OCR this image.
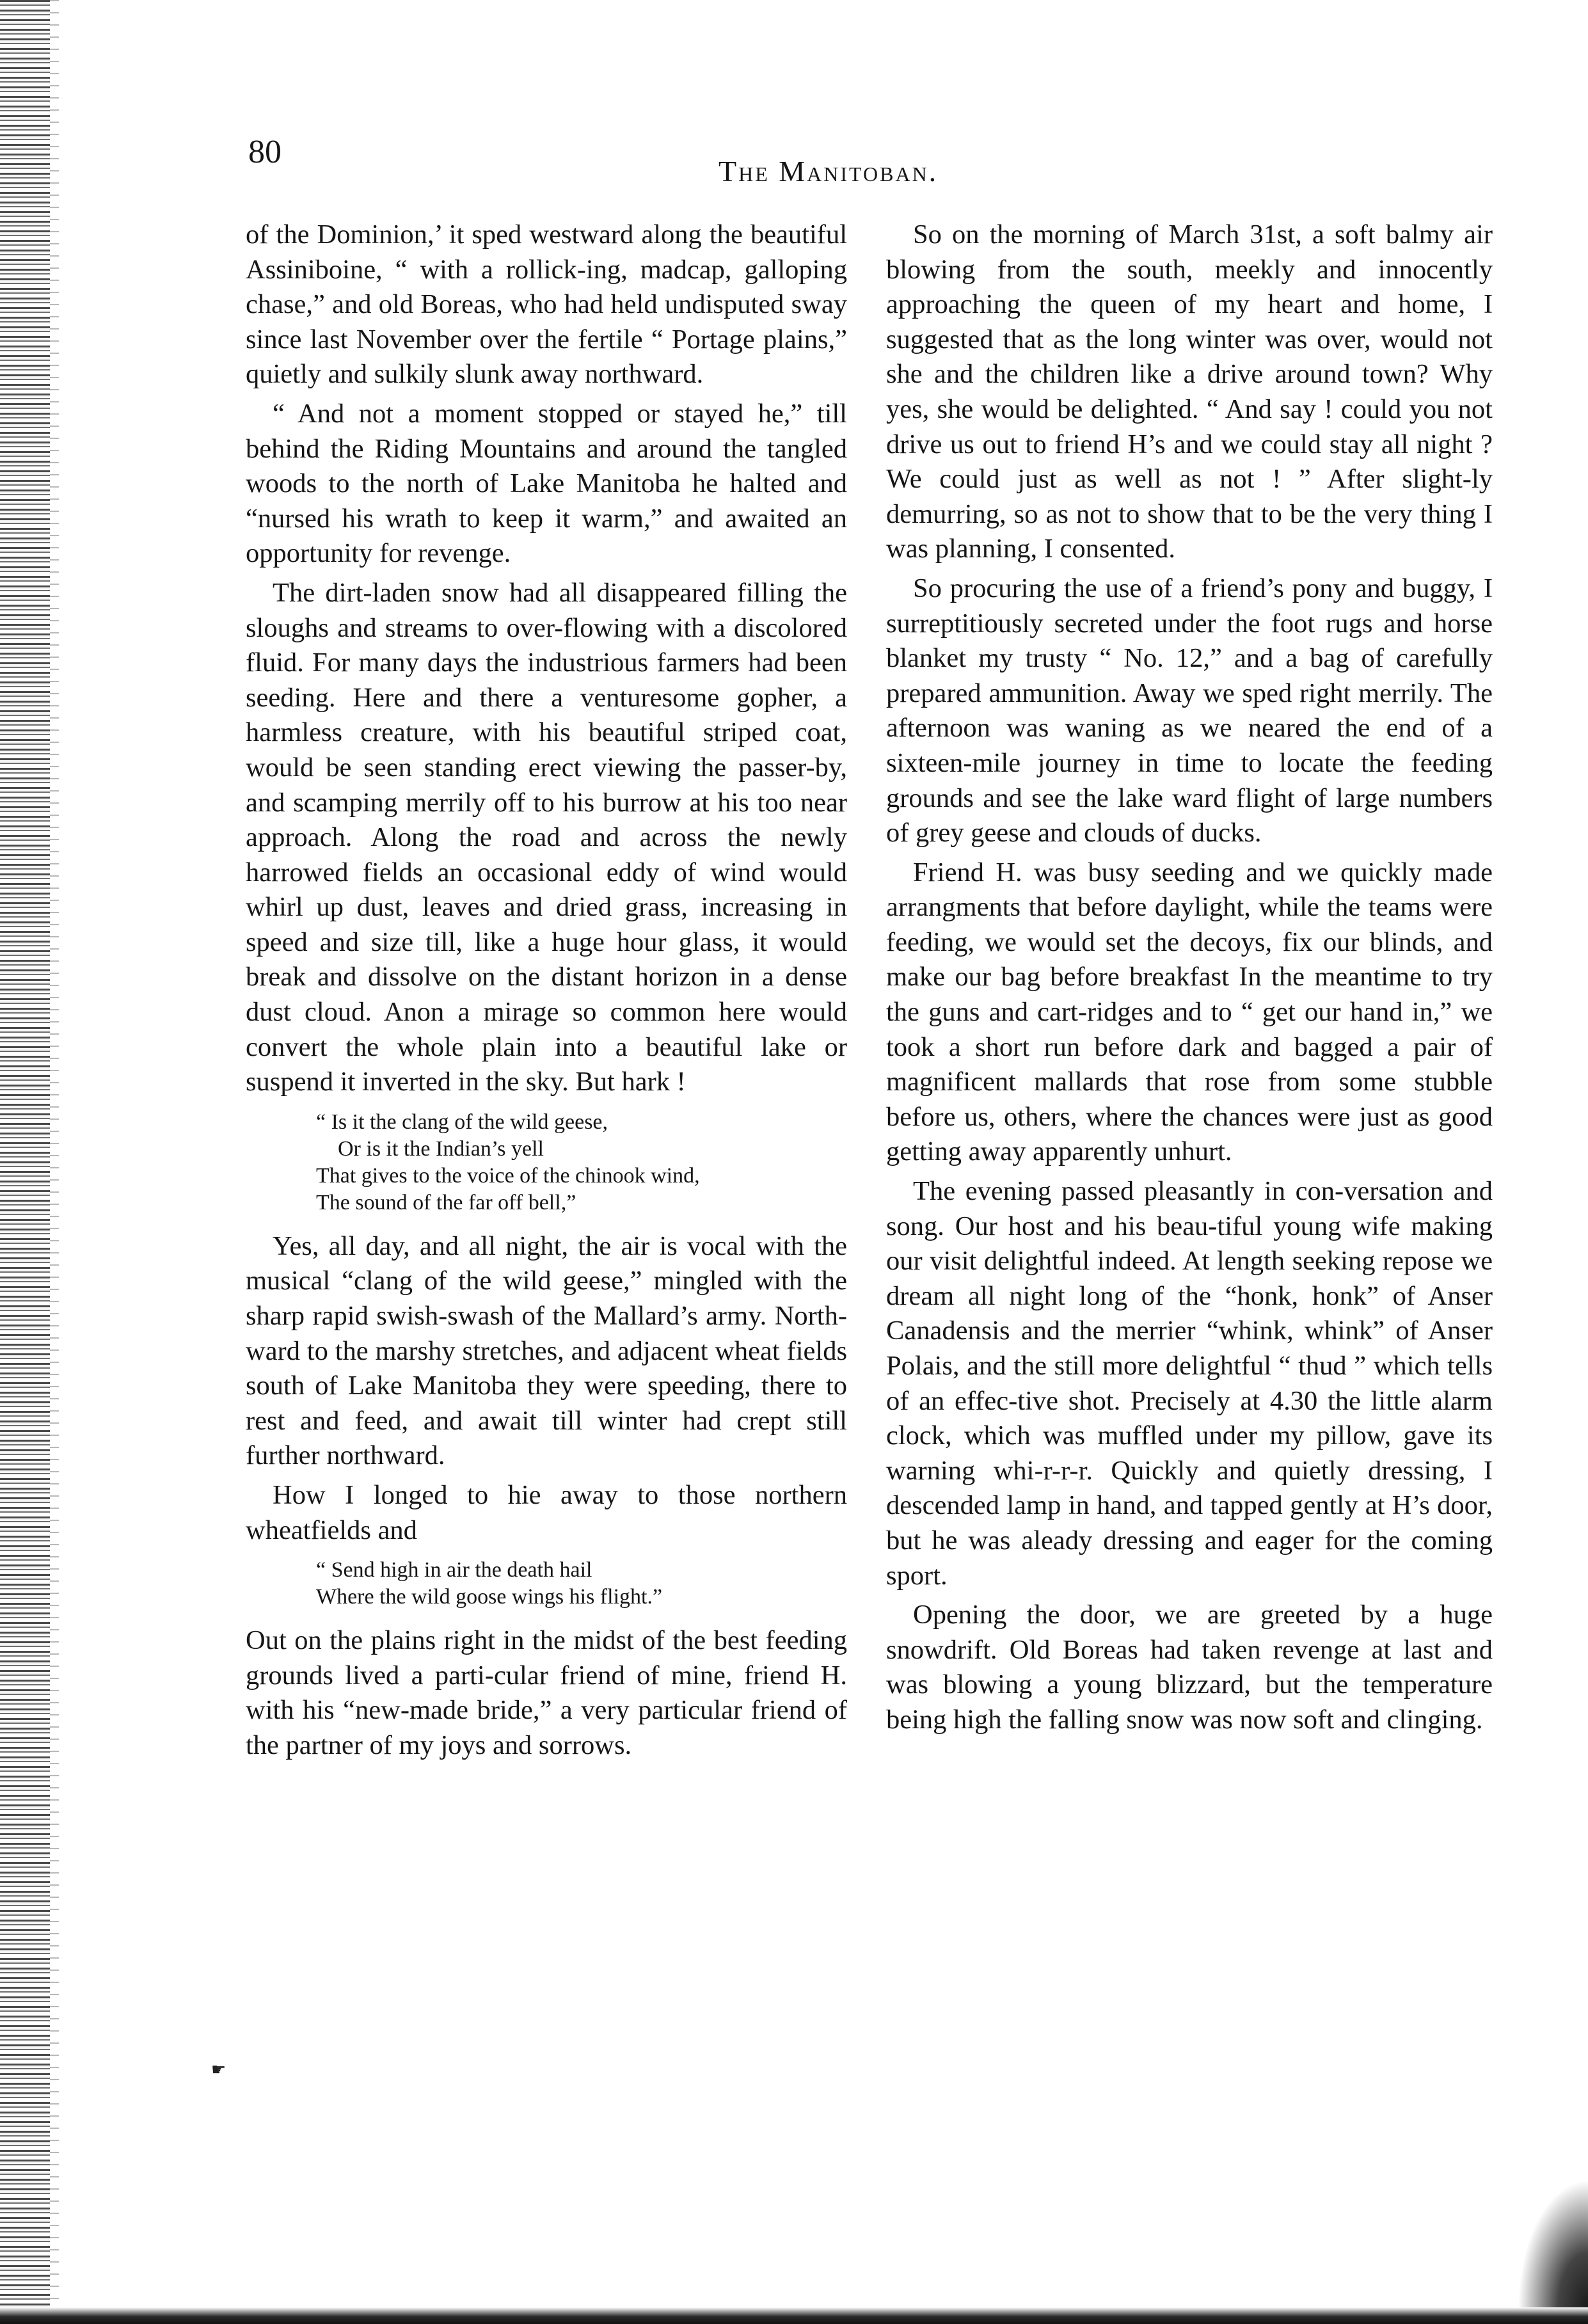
80
The Manitoban.
☛

of the Dominion,’ it sped westward along the beautiful Assiniboine, “ with a rollick-ing, madcap, galloping chase,” and old Boreas, who had held undisputed sway since last November over the fertile “ Portage plains,” quietly and sulkily slunk away northward.

“ And not a moment stopped or stayed he,” till behind the Riding Mountains and around the tangled woods to the north of Lake Manitoba he halted and “nursed his wrath to keep it warm,” and awaited an opportunity for revenge.

The dirt-laden snow had all disappeared filling the sloughs and streams to over-flowing with a discolored fluid. For many days the industrious farmers had been seeding. Here and there a venturesome gopher, a harmless creature, with his beautiful striped coat, would be seen standing erect viewing the passer-by, and scamping merrily off to his burrow at his too near approach. Along the road and across the newly harrowed fields an occasional eddy of wind would whirl up dust, leaves and dried grass, increasing in speed and size till, like a huge hour glass, it would break and dissolve on the distant horizon in a dense dust cloud. Anon a mirage so common here would convert the whole plain into a beautiful lake or suspend it inverted in the sky. But hark !

“ Is it the clang of the wild geese,
Or is it the Indian’s yell
That gives to the voice of the chinook wind,
The sound of the far off bell,”

Yes, all day, and all night, the air is vocal with the musical “clang of the wild geese,” mingled with the sharp rapid swish-swash of the Mallard’s army. North-ward to the marshy stretches, and adjacent wheat fields south of Lake Manitoba they were speeding, there to rest and feed, and await till winter had crept still further northward.

How I longed to hie away to those northern wheatfields and

“ Send high in air the death hail
Where the wild goose wings his flight.”

Out on the plains right in the midst of the best feeding grounds lived a parti-cular friend of mine, friend H. with his “new-made bride,” a very particular friend of the partner of my joys and sorrows.

So on the morning of March 31st, a soft balmy air blowing from the south, meekly and innocently approaching the queen of my heart and home, I suggested that as the long winter was over, would not she and the children like a drive around town? Why yes, she would be delighted. “ And say ! could you not drive us out to friend H’s and we could stay all night ? We could just as well as not ! ” After slight-ly demurring, so as not to show that to be the very thing I was planning, I consented.

So procuring the use of a friend’s pony and buggy, I surreptitiously secreted under the foot rugs and horse blanket my trusty “ No. 12,” and a bag of carefully prepared ammunition. Away we sped right merrily. The afternoon was waning as we neared the end of a sixteen-mile journey in time to locate the feeding grounds and see the lake ward flight of large numbers of grey geese and clouds of ducks.

Friend H. was busy seeding and we quickly made arrangments that before daylight, while the teams were feeding, we would set the decoys, fix our blinds, and make our bag before breakfast In the meantime to try the guns and cart-ridges and to “ get our hand in,” we took a short run before dark and bagged a pair of magnificent mallards that rose from some stubble before us, others, where the chances were just as good getting away apparently unhurt.

The evening passed pleasantly in con-versation and song. Our host and his beau-tiful young wife making our visit delightful indeed. At length seeking repose we dream all night long of the “honk, honk” of Anser Canadensis and the merrier “whink, whink” of Anser Polais, and the still more delightful “ thud ” which tells of an effec-tive shot. Precisely at 4.30 the little alarm clock, which was muffled under my pillow, gave its warning whi-r-r-r. Quickly and quietly dressing, I descended lamp in hand, and tapped gently at H’s door, but he was aleady dressing and eager for the coming sport.

Opening the door, we are greeted by a huge snowdrift. Old Boreas had taken revenge at last and was blowing a young blizzard, but the temperature being high the falling snow was now soft and clinging.
